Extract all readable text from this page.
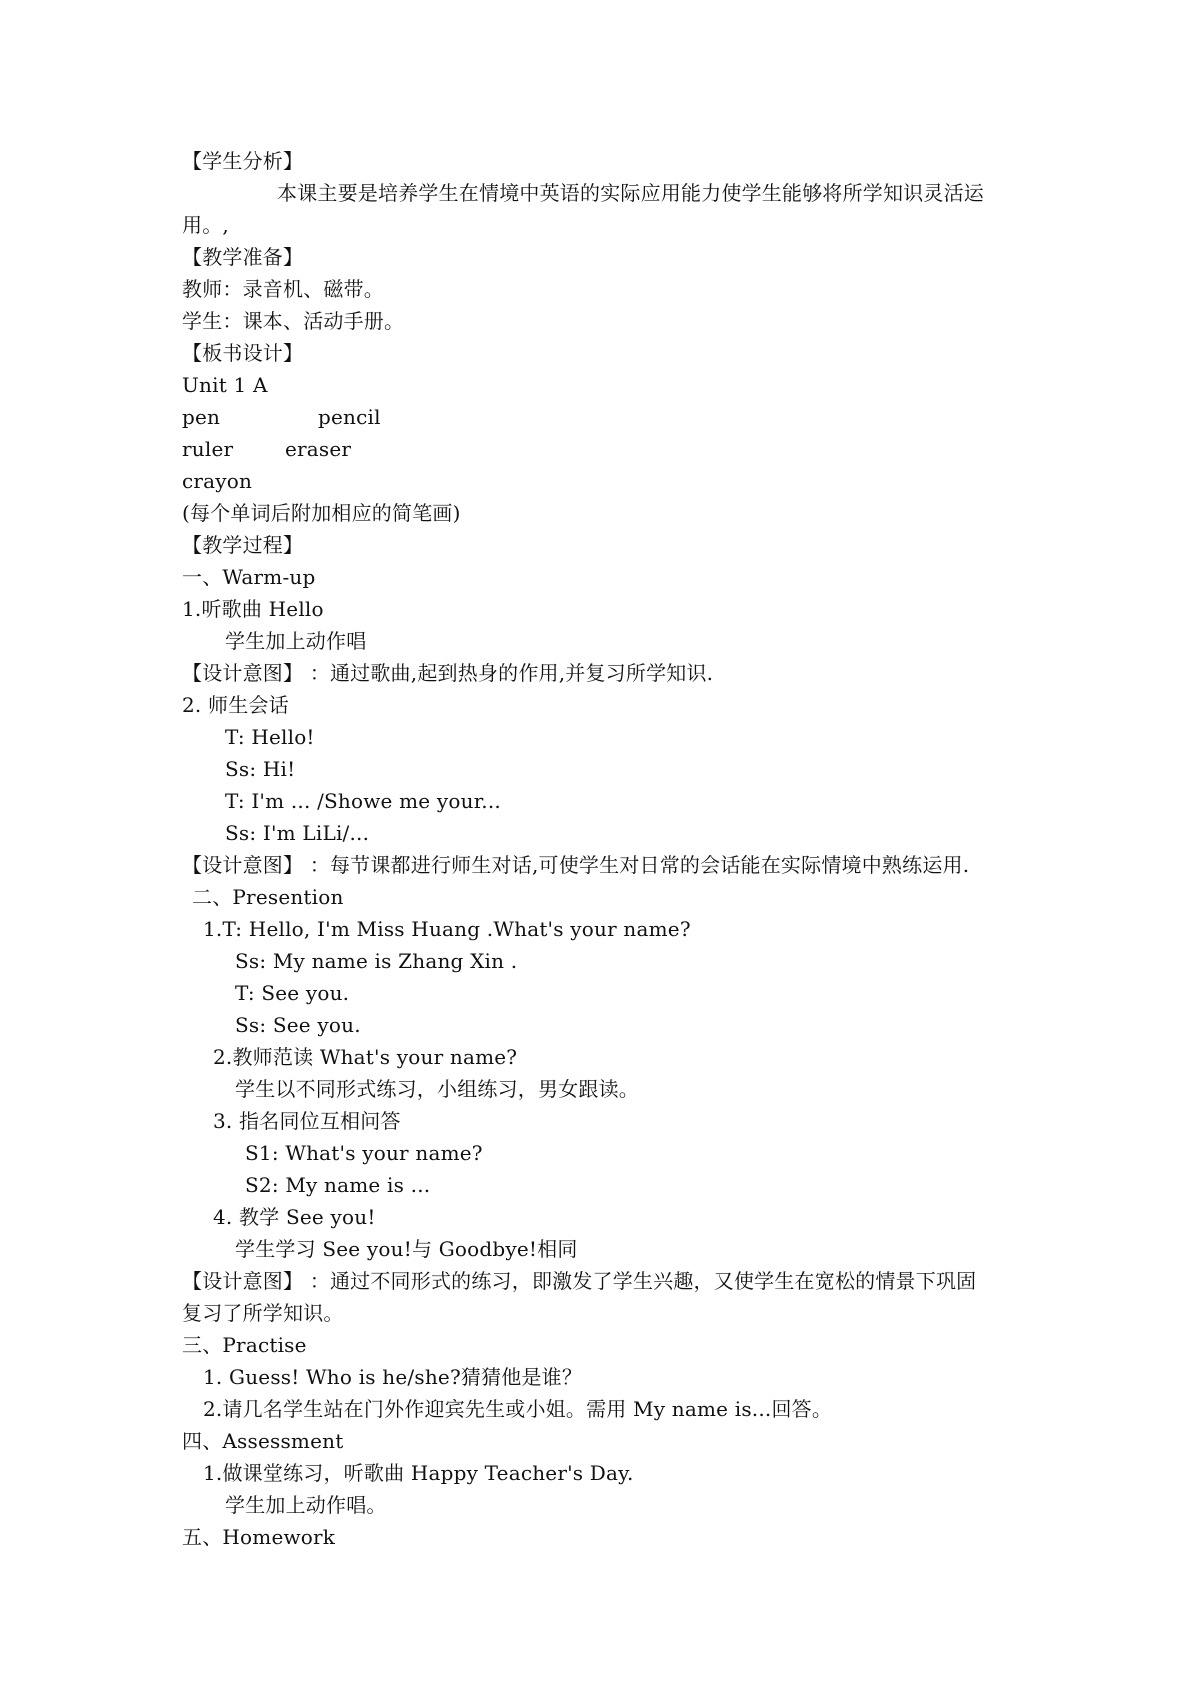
【学生分析】
本课主要是培养学生在情境中英语的实际应用能力使学生能够将所学知识灵活运
用。,
【教学准备】
教师：录音机、磁带。
学生：课本、活动手册。
【板书设计】
Unit 1 A
pen	pencil
ruler	eraser
crayon
(每个单词后附加相应的简笔画)
【教学过程】
一、Warm-up
1.听歌曲 Hello
学生加上动作唱
【设计意图】 ：通过歌曲,起到热身的作用,并复习所学知识.
2. 师生会话
T: Hello!
Ss: Hi!
T: I'm ... /Showe me your...
Ss: I'm LiLi/...
【设计意图】 ：每节课都进行师生对话,可使学生对日常的会话能在实际情境中熟练运用.
二、Presention
1.T: Hello, I'm Miss Huang .What's your name?
Ss: My name is Zhang Xin .
T: See you.
Ss: See you.
2.教师范读 What's your name?
学生以不同形式练习，小组练习，男女跟读。
3. 指名同位互相问答
S1: What's your name?
S2: My name is ...
4. 教学 See you!
学生学习 See you!与 Goodbye!相同
【设计意图】 ：通过不同形式的练习，即激发了学生兴趣，又使学生在宽松的情景下巩固
复习了所学知识。
三、Practise
1. Guess! Who is he/she?猜猜他是谁？
2.请几名学生站在门外作迎宾先生或小姐。需用 My name is...回答。
四、Assessment
1.做课堂练习，听歌曲 Happy Teacher's Day.
学生加上动作唱。
五、Homework
